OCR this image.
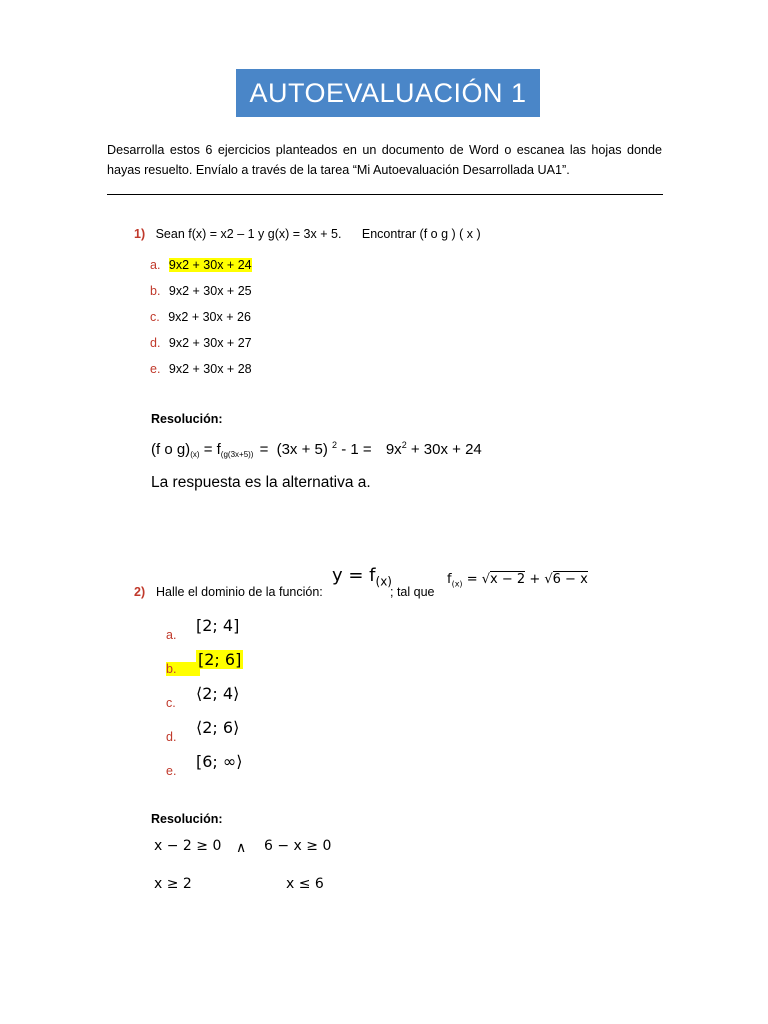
AUTOEVALUACIÓN 1
Desarrolla estos 6 ejercicios planteados en un documento de Word o escanea las hojas donde hayas resuelto. Envíalo a través de la tarea “Mi Autoevaluación Desarrollada UA1”.
1) Sean f(x) = x2 – 1 y g(x) = 3x + 5. Encontrar (f o g ) ( x )
a. 9x2 + 30x + 24
b. 9x2 + 30x + 25
c. 9x2 + 30x + 26
d. 9x2 + 30x + 27
e. 9x2 + 30x + 28
Resolución:
(f o $g)_{(x)} = f_{(g(3x+5))} = (3x + 5)$ $^2 - 1 = 9x^2 + 30x + 24$
La respuesta es la alternativa a.
2) Halle el dominio de la función:
$y = f_{(x)}$
; tal que
$f_{(x)} = √x - 2 + √6 - x$
a. [2; 4]
b.	[2; 6]
c. ⟨2; 4⟩
d. ⟨2; 6⟩
e. [6; ∞⟩
Resolución:
x − 2 ≥ 0 ∧ 6 − x ≥ 0
x ≥ 2	x ≤ 6
